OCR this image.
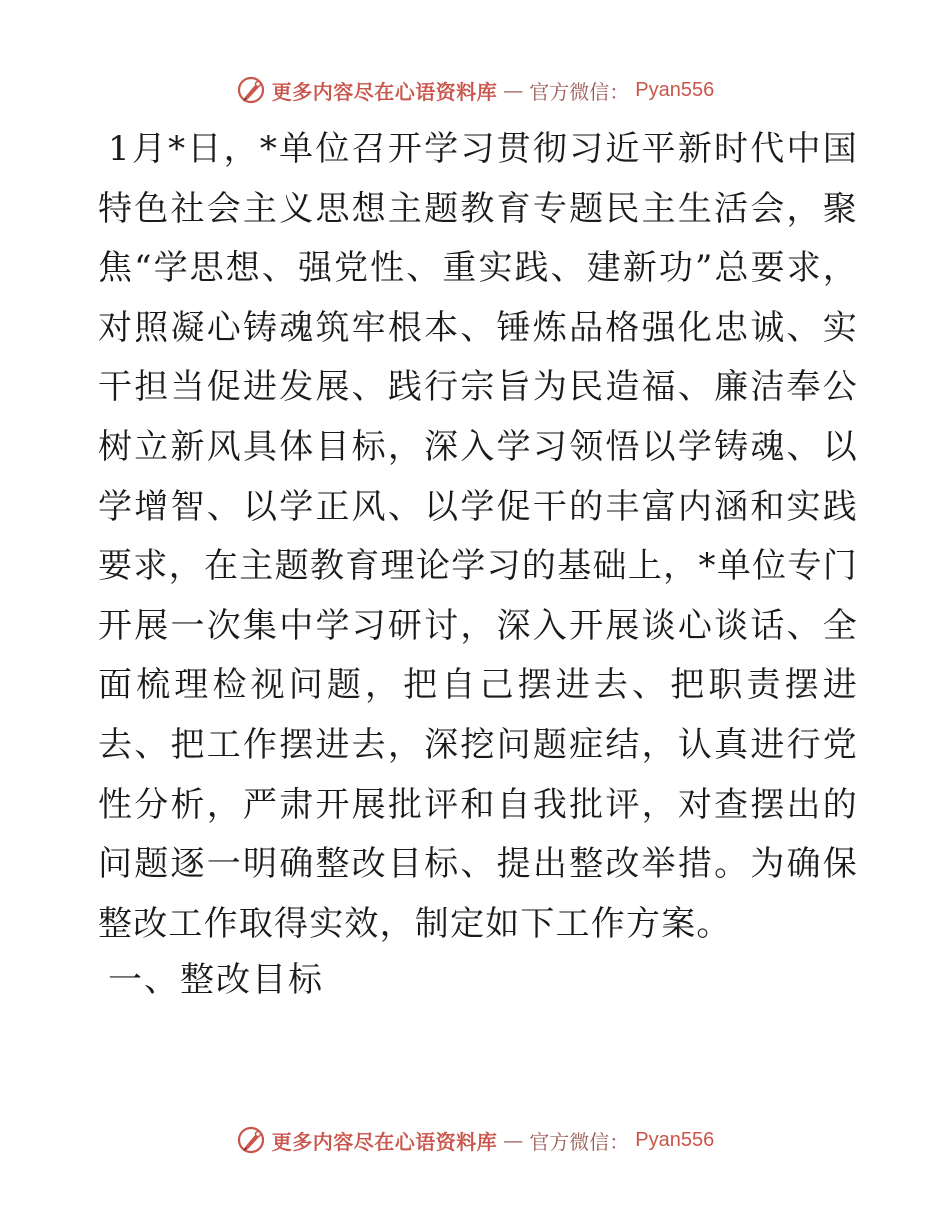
更多内容尽在心语资料库 — 官方微信： Pyan556

1月*日，*单位召开学习贯彻习近平新时代中国特色社会主义思想主题教育专题民主生活会，聚焦“学思想、强党性、重实践、建新功”总要求，对照凝心铸魂筑牢根本、锤炼品格强化忠诚、实干担当促进发展、践行宗旨为民造福、廉洁奉公树立新风具体目标，深入学习领悟以学铸魂、以学增智、以学正风、以学促干的丰富内涵和实践要求，在主题教育理论学习的基础上，*单位专门开展一次集中学习研讨，深入开展谈心谈话、全面梳理检视问题，把自己摆进去、把职责摆进去、把工作摆进去，深挖问题症结，认真进行党性分析，严肃开展批评和自我批评，对查摆出的问题逐一明确整改目标、提出整改举措。为确保整改工作取得实效，制定如下工作方案。

一、整改目标
更多内容尽在心语资料库 — 官方微信： Pyan556
